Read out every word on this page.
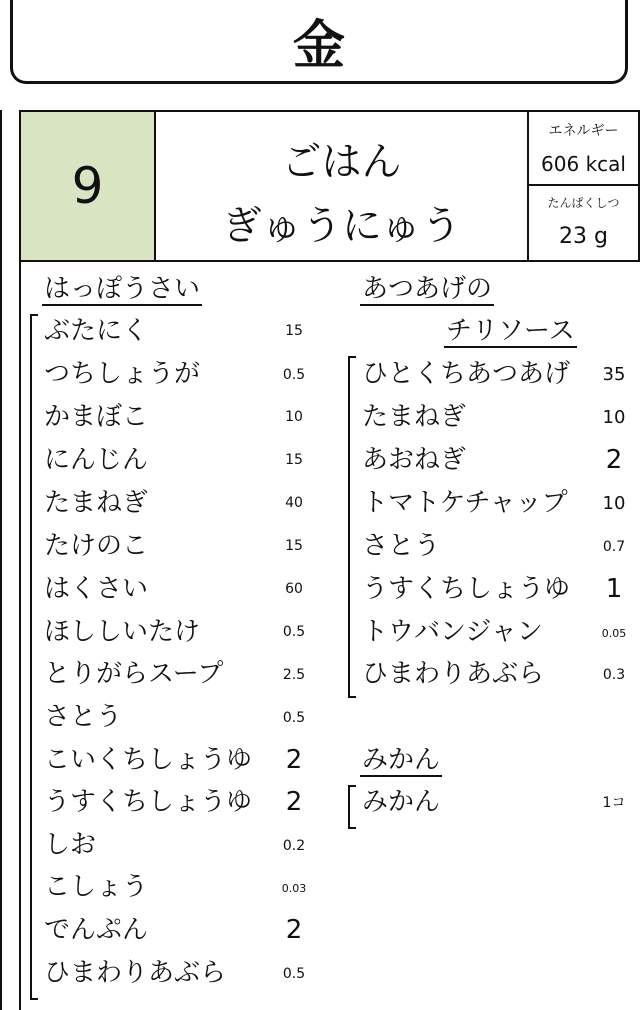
金
9	ごはん
ぎゅうにゅう
エネルギー
606 kcal
たんぱくしつ
23 g
はっぽうさい
ぶたにく	15
つちしょうが	0.5
かまぼこ	10
にんじん	15
たまねぎ	40
たけのこ	15
はくさい	60
ほししいたけ	0.5
とりがらスープ	2.5
さとう	0.5
こいくちしょうゆ	2
うすくちしょうゆ	2
しお	0.2
こしょう	0.03
でんぷん	2
ひまわりあぶら	0.5
あつあげの
チリソース
ひとくちあつあげ	35
たまねぎ	10
あおねぎ	2
トマトケチャップ	10
さとう	0.7
うすくちしょうゆ	1
トウバンジャン	0.05
ひまわりあぶら	0.3
みかん
みかん	1コ
